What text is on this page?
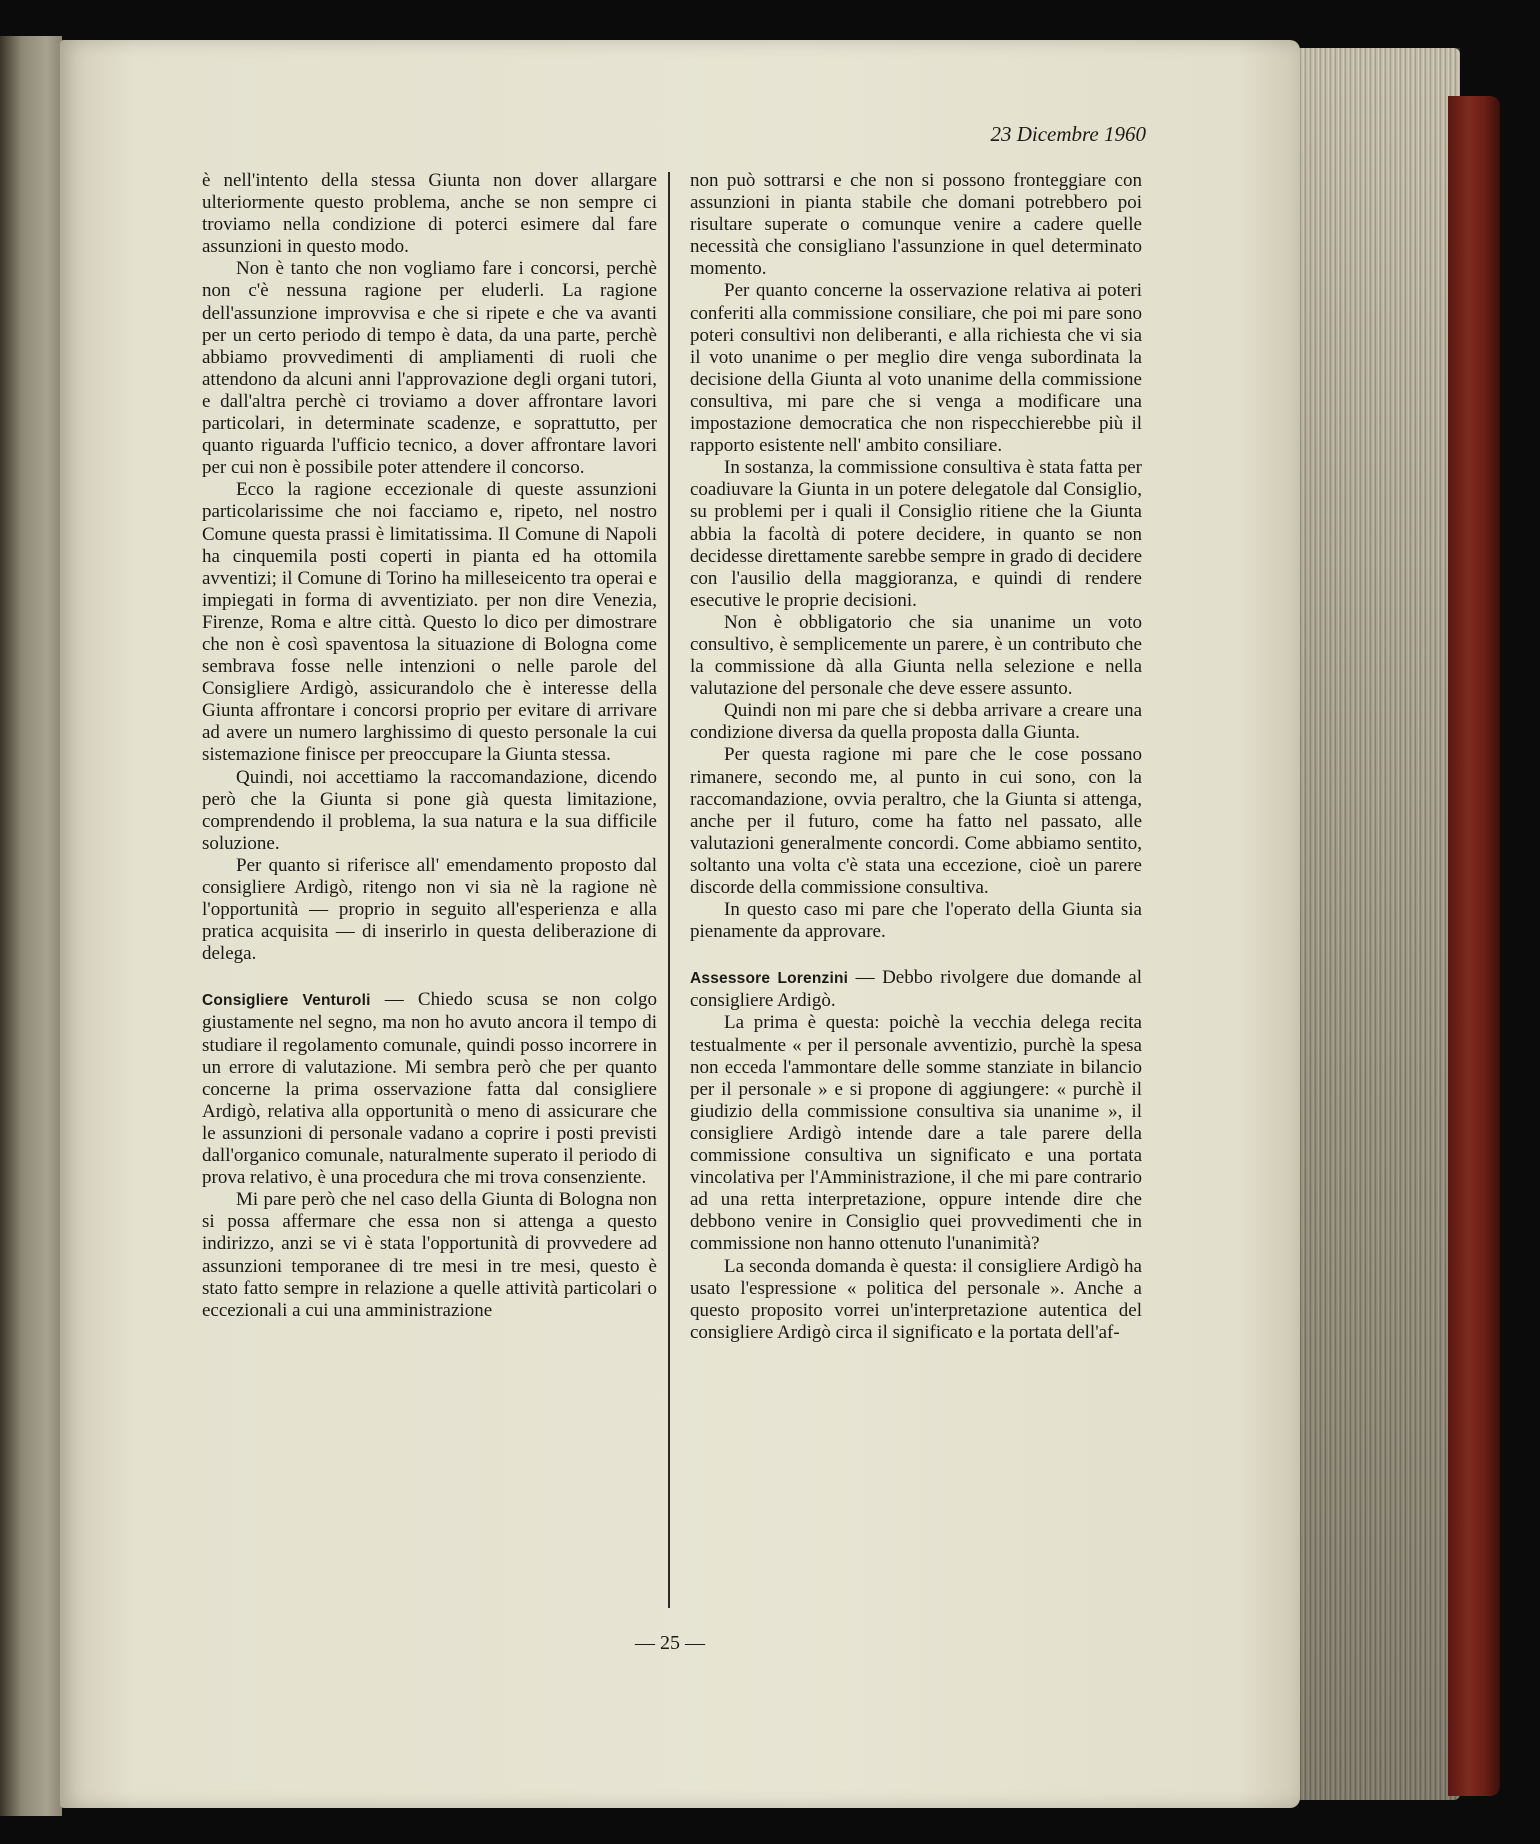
23 Dicembre 1960

è nell'intento della stessa Giunta non dover allargare ulteriormente questo problema, anche se non sempre ci troviamo nella condizione di poterci esimere dal fare assunzioni in questo modo.

Non è tanto che non vogliamo fare i concorsi, perchè non c'è nessuna ragione per eluderli. La ragione dell'assunzione improvvisa e che si ripete e che va avanti per un certo periodo di tempo è data, da una parte, perchè abbiamo provvedimenti di ampliamenti di ruoli che attendono da alcuni anni l'approvazione degli organi tutori, e dall'altra perchè ci troviamo a dover affrontare lavori particolari, in determinate scadenze, e soprattutto, per quanto riguarda l'ufficio tecnico, a dover affrontare lavori per cui non è possibile poter attendere il concorso.

Ecco la ragione eccezionale di queste assunzioni particolarissime che noi facciamo e, ripeto, nel nostro Comune questa prassi è limitatissima. Il Comune di Napoli ha cinquemila posti coperti in pianta ed ha ottomila avventizi; il Comune di Torino ha milleseicento tra operai e impiegati in forma di avventiziato. per non dire Venezia, Firenze, Roma e altre città. Questo lo dico per dimostrare che non è così spaventosa la situazione di Bologna come sembrava fosse nelle intenzioni o nelle parole del Consigliere Ardigò, assicurandolo che è interesse della Giunta affrontare i concorsi proprio per evitare di arrivare ad avere un numero larghissimo di questo personale la cui sistemazione finisce per preoccupare la Giunta stessa.

Quindi, noi accettiamo la raccomandazione, dicendo però che la Giunta si pone già questa limitazione, comprendendo il problema, la sua natura e la sua difficile soluzione.

Per quanto si riferisce all' emendamento proposto dal consigliere Ardigò, ritengo non vi sia nè la ragione nè l'opportunità — proprio in seguito all'esperienza e alla pratica acquisita — di inserirlo in questa deliberazione di delega.

Consigliere Venturoli — Chiedo scusa se non colgo giustamente nel segno, ma non ho avuto ancora il tempo di studiare il regolamento comunale, quindi posso incorrere in un errore di valutazione. Mi sembra però che per quanto concerne la prima osservazione fatta dal consigliere Ardigò, relativa alla opportunità o meno di assicurare che le assunzioni di personale vadano a coprire i posti previsti dall'organico comunale, naturalmente superato il periodo di prova relativo, è una procedura che mi trova consenziente.

Mi pare però che nel caso della Giunta di Bologna non si possa affermare che essa non si attenga a questo indirizzo, anzi se vi è stata l'opportunità di provvedere ad assunzioni temporanee di tre mesi in tre mesi, questo è stato fatto sempre in relazione a quelle attività particolari o eccezionali a cui una amministrazione

non può sottrarsi e che non si possono fronteggiare con assunzioni in pianta stabile che domani potrebbero poi risultare superate o comunque venire a cadere quelle necessità che consigliano l'assunzione in quel determinato momento.

Per quanto concerne la osservazione relativa ai poteri conferiti alla commissione consiliare, che poi mi pare sono poteri consultivi non deliberanti, e alla richiesta che vi sia il voto unanime o per meglio dire venga subordinata la decisione della Giunta al voto unanime della commissione consultiva, mi pare che si venga a modificare una impostazione democratica che non rispecchierebbe più il rapporto esistente nell' ambito consiliare.

In sostanza, la commissione consultiva è stata fatta per coadiuvare la Giunta in un potere delegatole dal Consiglio, su problemi per i quali il Consiglio ritiene che la Giunta abbia la facoltà di potere decidere, in quanto se non decidesse direttamente sarebbe sempre in grado di decidere con l'ausilio della maggioranza, e quindi di rendere esecutive le proprie decisioni.

Non è obbligatorio che sia unanime un voto consultivo, è semplicemente un parere, è un contributo che la commissione dà alla Giunta nella selezione e nella valutazione del personale che deve essere assunto.

Quindi non mi pare che si debba arrivare a creare una condizione diversa da quella proposta dalla Giunta.

Per questa ragione mi pare che le cose possano rimanere, secondo me, al punto in cui sono, con la raccomandazione, ovvia peraltro, che la Giunta si attenga, anche per il futuro, come ha fatto nel passato, alle valutazioni generalmente concordi. Come abbiamo sentito, soltanto una volta c'è stata una eccezione, cioè un parere discorde della commissione consultiva.

In questo caso mi pare che l'operato della Giunta sia pienamente da approvare.

Assessore Lorenzini — Debbo rivolgere due domande al consigliere Ardigò.

La prima è questa: poichè la vecchia delega recita testualmente « per il personale avventizio, purchè la spesa non ecceda l'ammontare delle somme stanziate in bilancio per il personale » e si propone di aggiungere: « purchè il giudizio della commissione consultiva sia unanime », il consigliere Ardigò intende dare a tale parere della commissione consultiva un significato e una portata vincolativa per l'Amministrazione, il che mi pare contrario ad una retta interpretazione, oppure intende dire che debbono venire in Consiglio quei provvedimenti che in commissione non hanno ottenuto l'unanimità?

La seconda domanda è questa: il consigliere Ardigò ha usato l'espressione « politica del personale ». Anche a questo proposito vorrei un'interpretazione autentica del consigliere Ardigò circa il significato e la portata dell'af-

— 25 —
